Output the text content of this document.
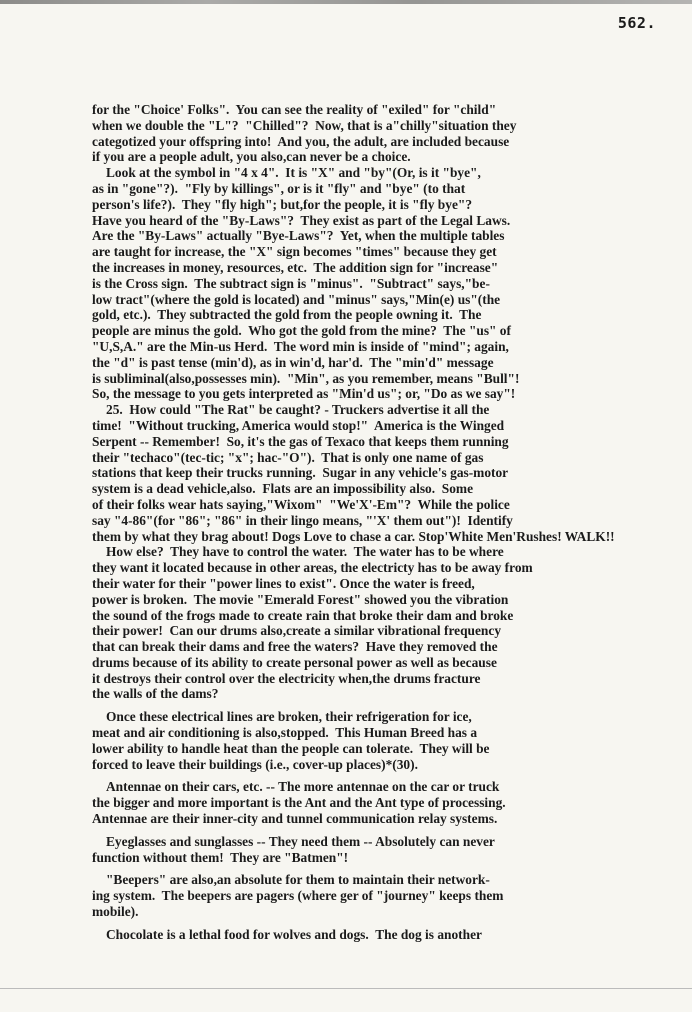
562.
for the "Choice' Folks".  You can see the reality of "exiled" for "child"
when we double the "L"?  "Chilled"?  Now, that is a"chilly"situation they
categotized your offspring into!  And you, the adult, are included because
if you are a people adult, you also,can never be a choice.
Look at the symbol in "4 x 4".  It is "X" and "by"(Or, is it "bye",
as in "gone"?).  "Fly by killings", or is it "fly" and "bye" (to that
person's life?).  They "fly high"; but,for the people, it is "fly bye"?
Have you heard of the "By-Laws"?  They exist as part of the Legal Laws.
Are the "By-Laws" actually "Bye-Laws"?  Yet, when the multiple tables
are taught for increase, the "X" sign becomes "times" because they get
the increases in money, resources, etc.  The addition sign for "increase"
is the Cross sign.  The subtract sign is "minus".  "Subtract" says,"be-
low tract"(where the gold is located) and "minus" says,"Min(e) us"(the
gold, etc.).  They subtracted the gold from the people owning it.  The
people are minus the gold.  Who got the gold from the mine?  The "us" of
"U,S,A." are the Min-us Herd.  The word min is inside of "mind"; again,
the "d" is past tense (min'd), as in win'd, har'd.  The "min'd" message
is subliminal(also,possesses min).  "Min", as you remember, means "Bull"!
So, the message to you gets interpreted as "Min'd us"; or, "Do as we say"!
25.  How could "The Rat" be caught? - Truckers advertise it all the
time!  "Without trucking, America would stop!"  America is the Winged
Serpent -- Remember!  So, it's the gas of Texaco that keeps them running
their "techaco"(tec-tic; "x"; hac-"O").  That is only one name of gas
stations that keep their trucks running.  Sugar in any vehicle's gas-motor
system is a dead vehicle,also.  Flats are an impossibility also.  Some
of their folks wear hats saying,"Wixom"  "We'X'-Em"?  While the police
say "4-86"(for "86"; "86" in their lingo means, "'X' them out")!  Identify
them by what they brag about! Dogs Love to chase a car. Stop'White Men'Rushes! WALK!!
How else?  They have to control the water.  The water has to be where
they want it located because in other areas, the electricty has to be away from
their water for their "power lines to exist". Once the water is freed,
power is broken.  The movie "Emerald Forest" showed you the vibration
the sound of the frogs made to create rain that broke their dam and broke
their power!  Can our drums also,create a similar vibrational frequency
that can break their dams and free the waters?  Have they removed the
drums because of its ability to create personal power as well as because
it destroys their control over the electricity when,the drums fracture
the walls of the dams?
Once these electrical lines are broken, their refrigeration for ice,
meat and air conditioning is also,stopped.  This Human Breed has a
lower ability to handle heat than the people can tolerate.  They will be
forced to leave their buildings (i.e., cover-up places)*(30).
Antennae on their cars, etc. -- The more antennae on the car or truck
the bigger and more important is the Ant and the Ant type of processing.
Antennae are their inner-city and tunnel communication relay systems.
Eyeglasses and sunglasses -- They need them -- Absolutely can never
function without them!  They are "Batmen"!
"Beepers" are also,an absolute for them to maintain their network-
ing system.  The beepers are pagers (where ger of "journey" keeps them
mobile).
Chocolate is a lethal food for wolves and dogs.  The dog is another
